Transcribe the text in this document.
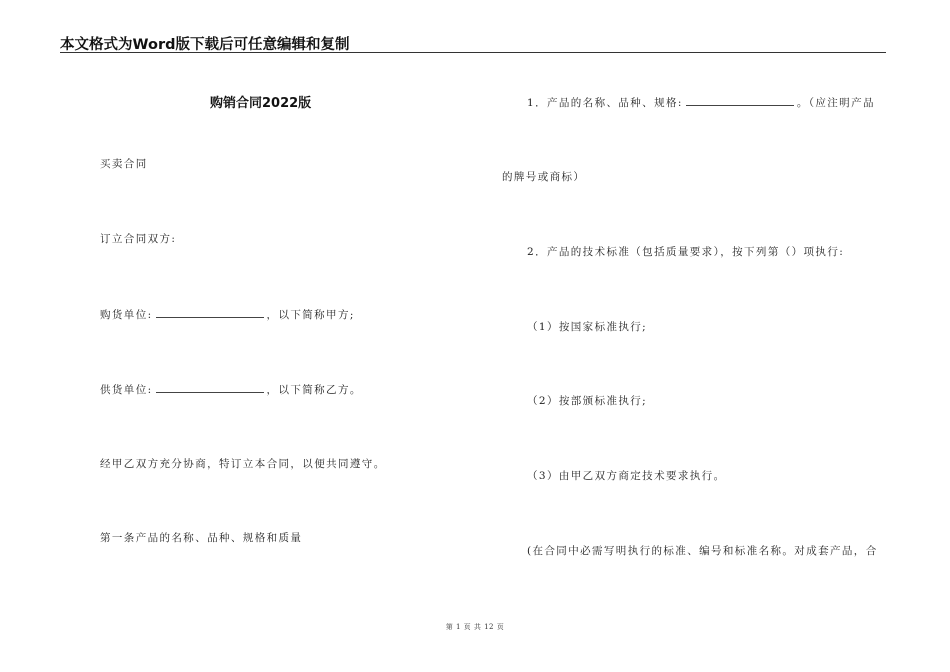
本文格式为Word版下载后可任意编辑和复制
购销合同2022版
买卖合同
订立合同双方:
购货单位:	，以下简称甲方;
供货单位:	，以下简称乙方。
经甲乙双方充分协商，特订立本合同，以便共同遵守。
第一条产品的名称、品种、规格和质量
1．产品的名称、品种、规格:	。（应注明产品
的牌号或商标）
2．产品的技术标准（包括质量要求），按下列第（）项执行:
（1）按国家标准执行;
（2）按部颁标准执行;
（3）由甲乙双方商定技术要求执行。
(在合同中必需写明执行的标准、编号和标准名称。对成套产品，合
第 1 页 共 12 页
